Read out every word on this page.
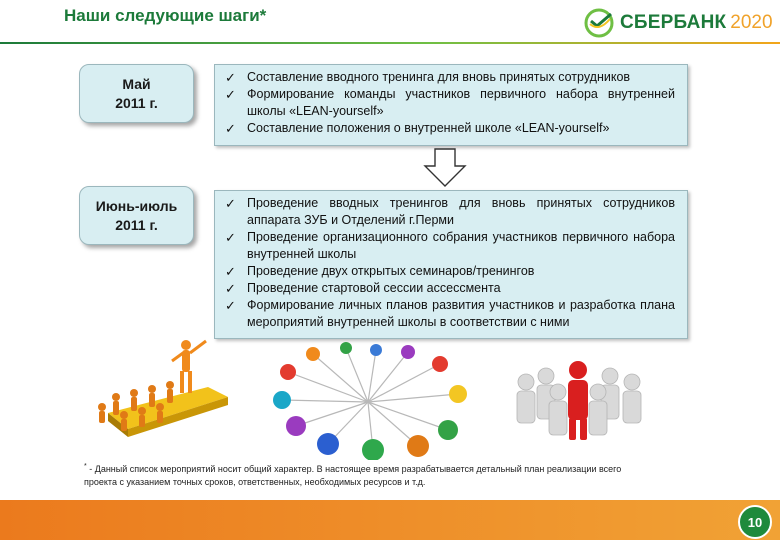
Наши следующие шаги*	СБЕРБАНК 2020
Май
2011 г.
✓ Составление вводного тренинга для вновь принятых сотрудников
✓ Формирование команды участников первичного набора внутренней школы «LEAN-yourself»
✓ Составление положения о внутренней школе «LEAN-yourself»
Июнь-июль
2011 г.
✓ Проведение вводных тренингов для вновь принятых сотрудников аппарата ЗУБ и Отделений г.Перми
✓ Проведение организационного собрания участников первичного набора внутренней школы
✓ Проведение двух открытых семинаров/тренингов
✓ Проведение стартовой сессии ассессмента
✓ Формирование личных планов развития участников и разработка плана мероприятий внутренней школы в соответствии с ними
* - Данный список мероприятий носит общий характер. В настоящее время разрабатывается детальный план реализации всего проекта с указанием точных сроков, ответственных, необходимых ресурсов и т.д.
10
